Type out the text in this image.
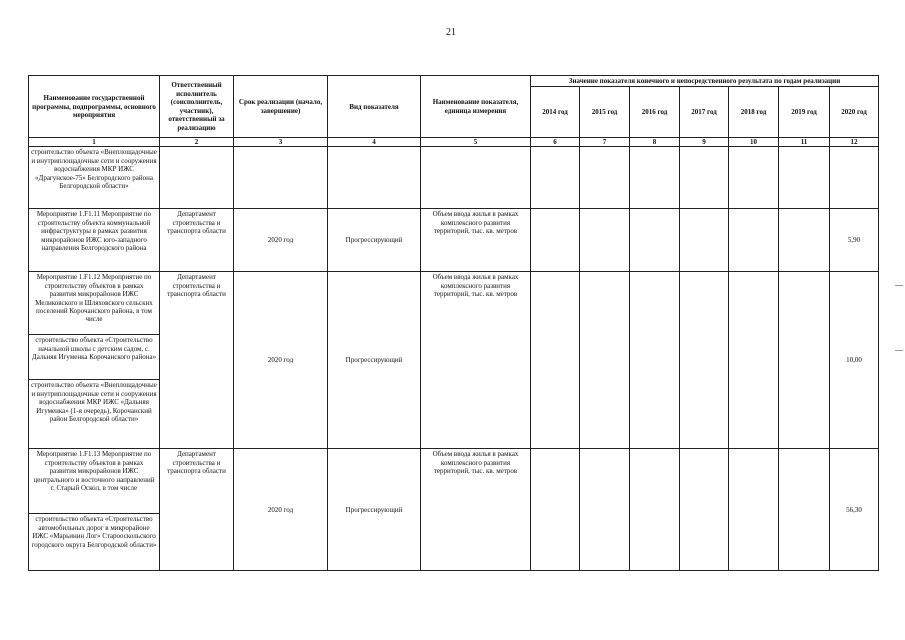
21
Наименование государственной программы, подпрограммы, основного мероприятия	Ответственный исполнитель (соисполнитель, участник), ответственный за реализацию	Срок реализации (начало, завершение)	Вид показателя	Наименование показателя, единица измерения	Значение показателя конечного и непосредственного результата по годам реализации						
					2014 год	2015 год	2016 год	2017 год	2018 год	2019 год	2020 год
1	2	3	4	5	6	7	8	9	10	11	12
строительство объекта «Внеплощадочные и внутриплощадочные сети и сооружения водоснабжения МКР ИЖС «Драгунское-75» Белгородского района Белгородской области»											
Мероприятие 1.F1.11 Мероприятие по строительству объекта коммунальной инфраструктуры в рамках развития микрорайонов ИЖС юго-западного направления Белгородского района	Департамент строительства и транспорта области	2020 год	Прогрессирующий	Объем ввода жилья в рамках комплексного развития территорий, тыс. кв. метров							5,90
Мероприятие 1.F1.12 Мероприятие по строительству объектов в рамках развития микрорайонов ИЖС Меликовского и Шляховского сельских поселений Корочанского района, в том числе	Департамент строительства и транспорта области	2020 год	Прогрессирующий	Объем ввода жилья в рамках комплексного развития территорий, тыс. кв. метров							10,00
строительство объекта «Строительство начальной школы с детским садом, с. Дальняя Игуменка Корочанского района»											
строительство объекта «Внеплощадочные и внутриплощадочные сети и сооружения водоснабжения МКР ИЖС «Дальняя Игуменка» (1-я очередь), Корочанский район Белгородской области»											
Мероприятие 1.F1.13 Мероприятие по строительству объектов в рамках развития микрорайонов ИЖС центрального и восточного направлений г. Старый Оскол, в том числе	Департамент строительства и транспорта области	2020 год	Прогрессирующий	Объем ввода жилья в рамках комплексного развития территорий, тыс. кв. метров							56,30
строительство объекта «Строительство автомобильных дорог в микрорайоне ИЖС «Марьинин Лог» Старооскольского городского округа Белгородской области»											
